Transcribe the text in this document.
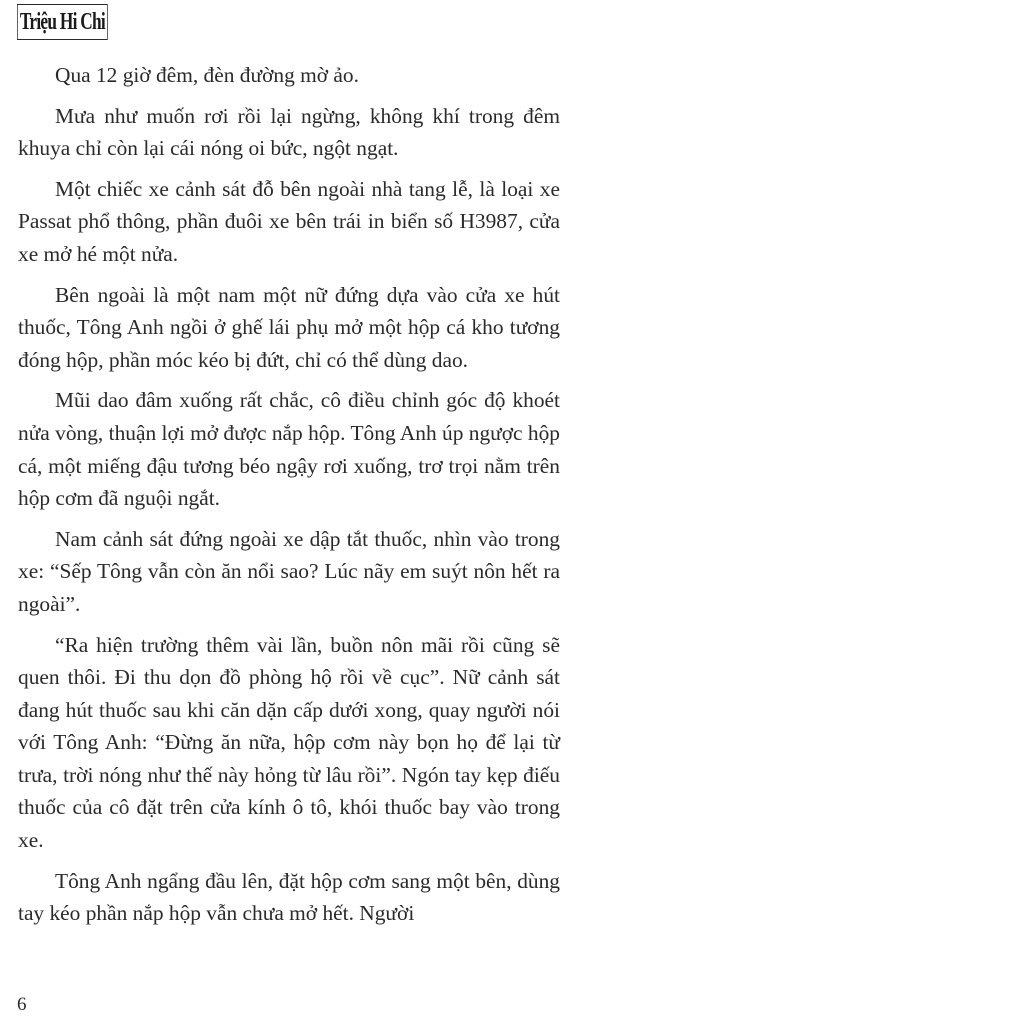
Triệu Hi Chi

Qua 12 giờ đêm, đèn đường mờ ảo.

Mưa như muốn rơi rồi lại ngừng, không khí trong đêm khuya chỉ còn lại cái nóng oi bức, ngột ngạt.

Một chiếc xe cảnh sát đỗ bên ngoài nhà tang lễ, là loại xe Passat phổ thông, phần đuôi xe bên trái in biển số H3987, cửa xe mở hé một nửa.

Bên ngoài là một nam một nữ đứng dựa vào cửa xe hút thuốc, Tông Anh ngồi ở ghế lái phụ mở một hộp cá kho tương đóng hộp, phần móc kéo bị đứt, chỉ có thể dùng dao.

Mũi dao đâm xuống rất chắc, cô điều chỉnh góc độ khoét nửa vòng, thuận lợi mở được nắp hộp. Tông Anh úp ngược hộp cá, một miếng đậu tương béo ngậy rơi xuống, trơ trọi nằm trên hộp cơm đã nguội ngắt.

Nam cảnh sát đứng ngoài xe dập tắt thuốc, nhìn vào trong xe: “Sếp Tông vẫn còn ăn nổi sao? Lúc nãy em suýt nôn hết ra ngoài”.

“Ra hiện trường thêm vài lần, buồn nôn mãi rồi cũng sẽ quen thôi. Đi thu dọn đồ phòng hộ rồi về cục”. Nữ cảnh sát đang hút thuốc sau khi căn dặn cấp dưới xong, quay người nói với Tông Anh: “Đừng ăn nữa, hộp cơm này bọn họ để lại từ trưa, trời nóng như thế này hỏng từ lâu rồi”. Ngón tay kẹp điếu thuốc của cô đặt trên cửa kính ô tô, khói thuốc bay vào trong xe.

Tông Anh ngẩng đầu lên, đặt hộp cơm sang một bên, dùng tay kéo phần nắp hộp vẫn chưa mở hết. Người

6
